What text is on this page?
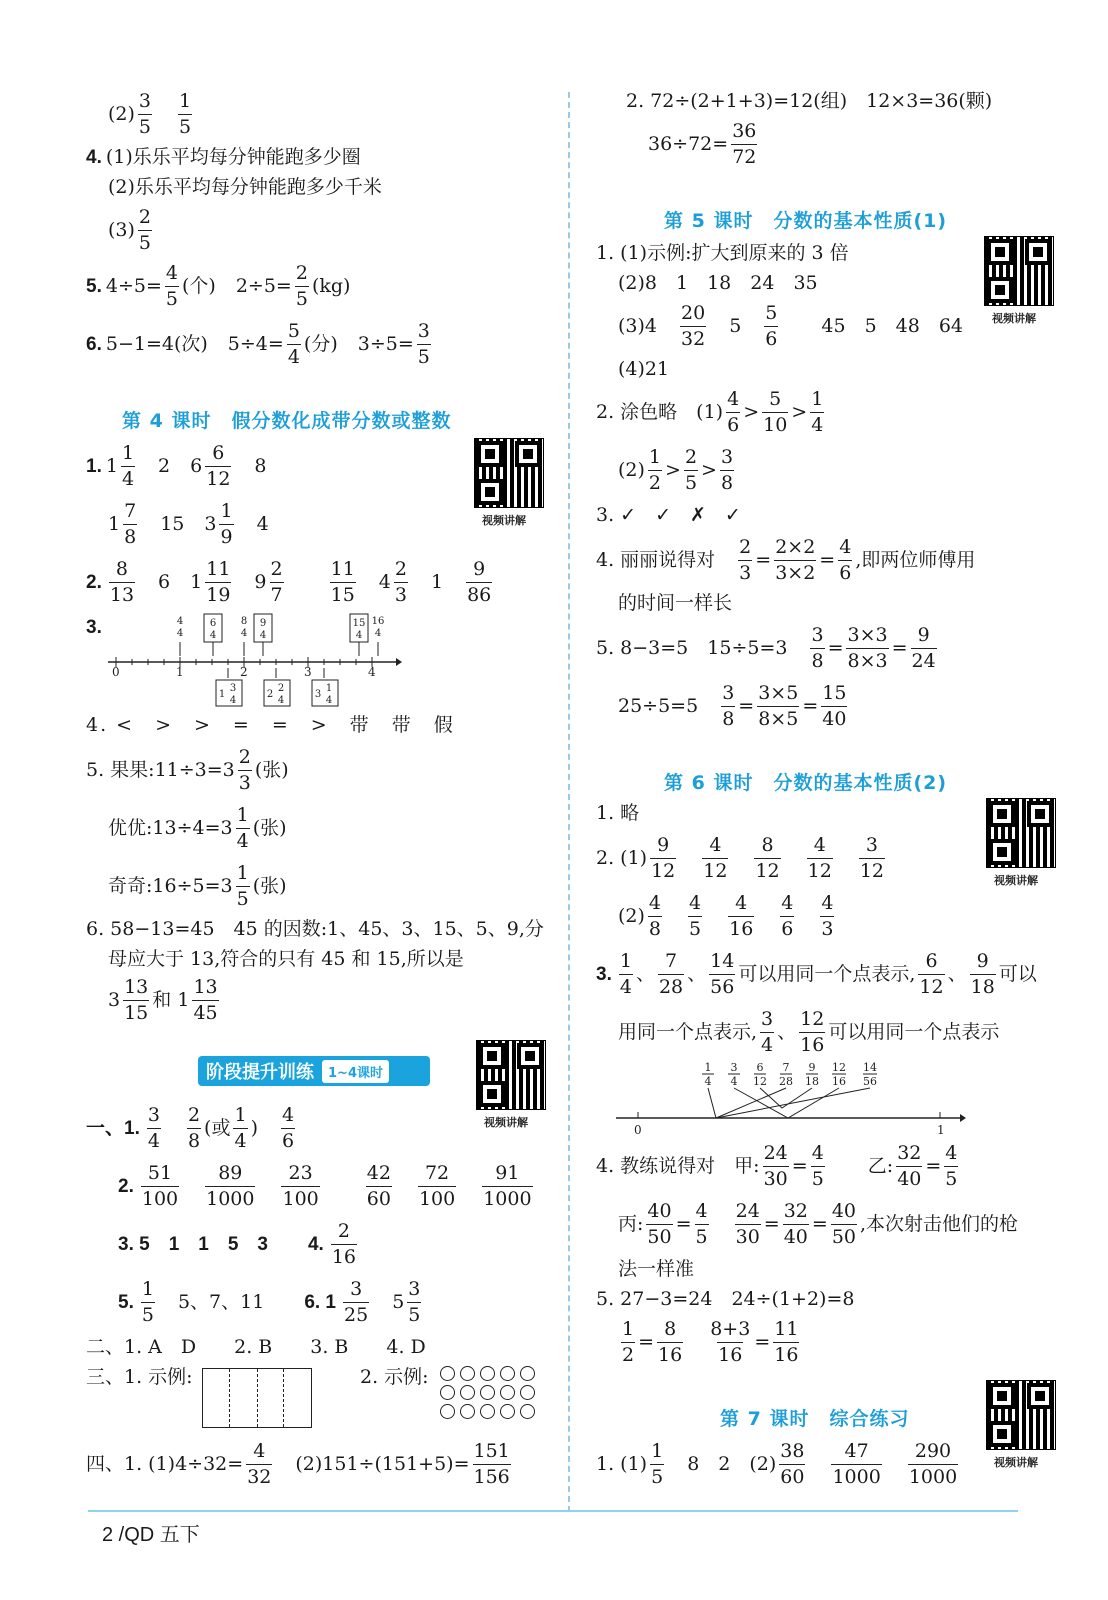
$(2) \frac{3}{5} \frac{1}{5}$
4. (1)乐乐平均每分钟能跑多少圈
(2)乐乐平均每分钟能跑多少千米
$(3) \frac{2}{5}$
5. $4\div 5= \frac{4}{5}$ (个) $2\div 5= \frac{2}{5} (kg)$
6. 5−1=4(次) $5\div 4= \frac{5}{4}$ (分) $3\div 5= \frac{3}{5}$
第 4 课时　假分数化成带分数或整数
视频讲解
1. $1 \frac{1}{4} 2$ $6 \frac{6}{12} 8$
$1 \frac{7}{8} 15$ $3 \frac{1}{9} 4$
2. $\frac{8}{13} 6$ $1 \frac{11}{19} 9 \frac{2}{7} \frac{11}{15} 4 \frac{2}{3} 1 \frac{9}{86}$
3.
0	1	2	3	4
4
4
6
4
8
4
9
4
15
4
16
4
1
3
4
2
2
4
3
1
4
4. <　>　>　=　=　>　带　带　假
5. 果果:11÷3=3 $\frac{2}{3}$ (张)
优优:13÷4=3 $\frac{1}{4}$ (张)
奇奇:16÷5=3 $\frac{1}{5}$ (张)
6. 58−13=45　45 的因数:1、45、3、15、5、9,分
母应大于 13,符合的只有 45 和 15,所以是
$3 \frac{13}{15}$ 和 $1 \frac{13}{45}$
阶段提升训练	1~4课时
视频讲解
一、1. $\frac{3}{4} \frac{2}{8}$ (或 $\frac{1}{4}$ ) $\frac{4}{6}$
2. $\frac{51}{100} \frac{89}{1000} \frac{23}{100} \frac{42}{60} \frac{72}{100} \frac{91}{1000}$
3. 5　1　1　5　3 4. $\frac{2}{16}$
5. $\frac{1}{5} 5$、7、11 6. $1 \frac{3}{25} 5 \frac{3}{5}$
二、1. A　D　　2. B　　3. B　　4. D
三、1. 示例:	2. 示例:
四、1. $(1)4\div 32= \frac{4}{32} (2)151\div(151+5)= \frac{151}{156}$
2. 72÷(2+1+3)=12(组)　12×3=36(颗)
$36\div 72= \frac{36}{72}$
第 5 课时　分数的基本性质(1)
视频讲解
1. (1)示例:扩大到原来的 3 倍
(2)8　1　18　24　35
$(3)4 \frac{20}{32} 5 \frac{5}{6} 45$　5　48　64
(4)21
2. 涂色略　$(1) \frac{4}{6} > \frac{5}{10} > \frac{1}{4}$
$(2) \frac{1}{2} > \frac{2}{5} > \frac{3}{8}$
3. ✓　✓　✗　✓
4. 丽丽说得对 $\frac{2}{3} = \frac{2\times 2}{3\times 2} = \frac{4}{6}$ ,即两位师傅用
的时间一样长
5. 8−3=5　$15\div 5=3 \frac{3}{8} = \frac{3\times 3}{8\times 3} = \frac{9}{24}$
$25\div 5=5 \frac{3}{8} = \frac{3\times 5}{8\times 5} = \frac{15}{40}$
第 6 课时　分数的基本性质(2)
视频讲解
1. 略
2. $(1) \frac{9}{12} \frac{4}{12} \frac{8}{12} \frac{4}{12} \frac{3}{12}$
$(2) \frac{4}{8} \frac{4}{5} \frac{4}{16} \frac{4}{6} \frac{4}{3}$
3. $\frac{1}{4}$ 、 $\frac{7}{28}$ 、 $\frac{14}{56}$ 可以用同一个点表示, $\frac{6}{12}$ 、 $\frac{9}{18}$ 可以
用同一个点表示, $\frac{3}{4}$ 、 $\frac{12}{16}$ 可以用同一个点表示
1
4
3
4
6
12
7
28
9
18
12
16
14
56
0	1
4. 教练说得对　甲: $\frac{24}{30} = \frac{4}{5}$ 乙: $\frac{32}{40} = \frac{4}{5}$
丙: $\frac{40}{50} = \frac{4}{5} \frac{24}{30} = \frac{32}{40} = \frac{40}{50}$ ,本次射击他们的枪
法一样准
5. 27−3=24　24÷(1+2)=8
$\frac{1}{2} = \frac{8}{16} \frac{8+3}{16} = \frac{11}{16}$
第 7 课时　综合练习
视频讲解
1. $(1) \frac{1}{5} 8$　2　$(2) \frac{38}{60} \frac{47}{1000} \frac{290}{1000}$
2 /QD 五下
